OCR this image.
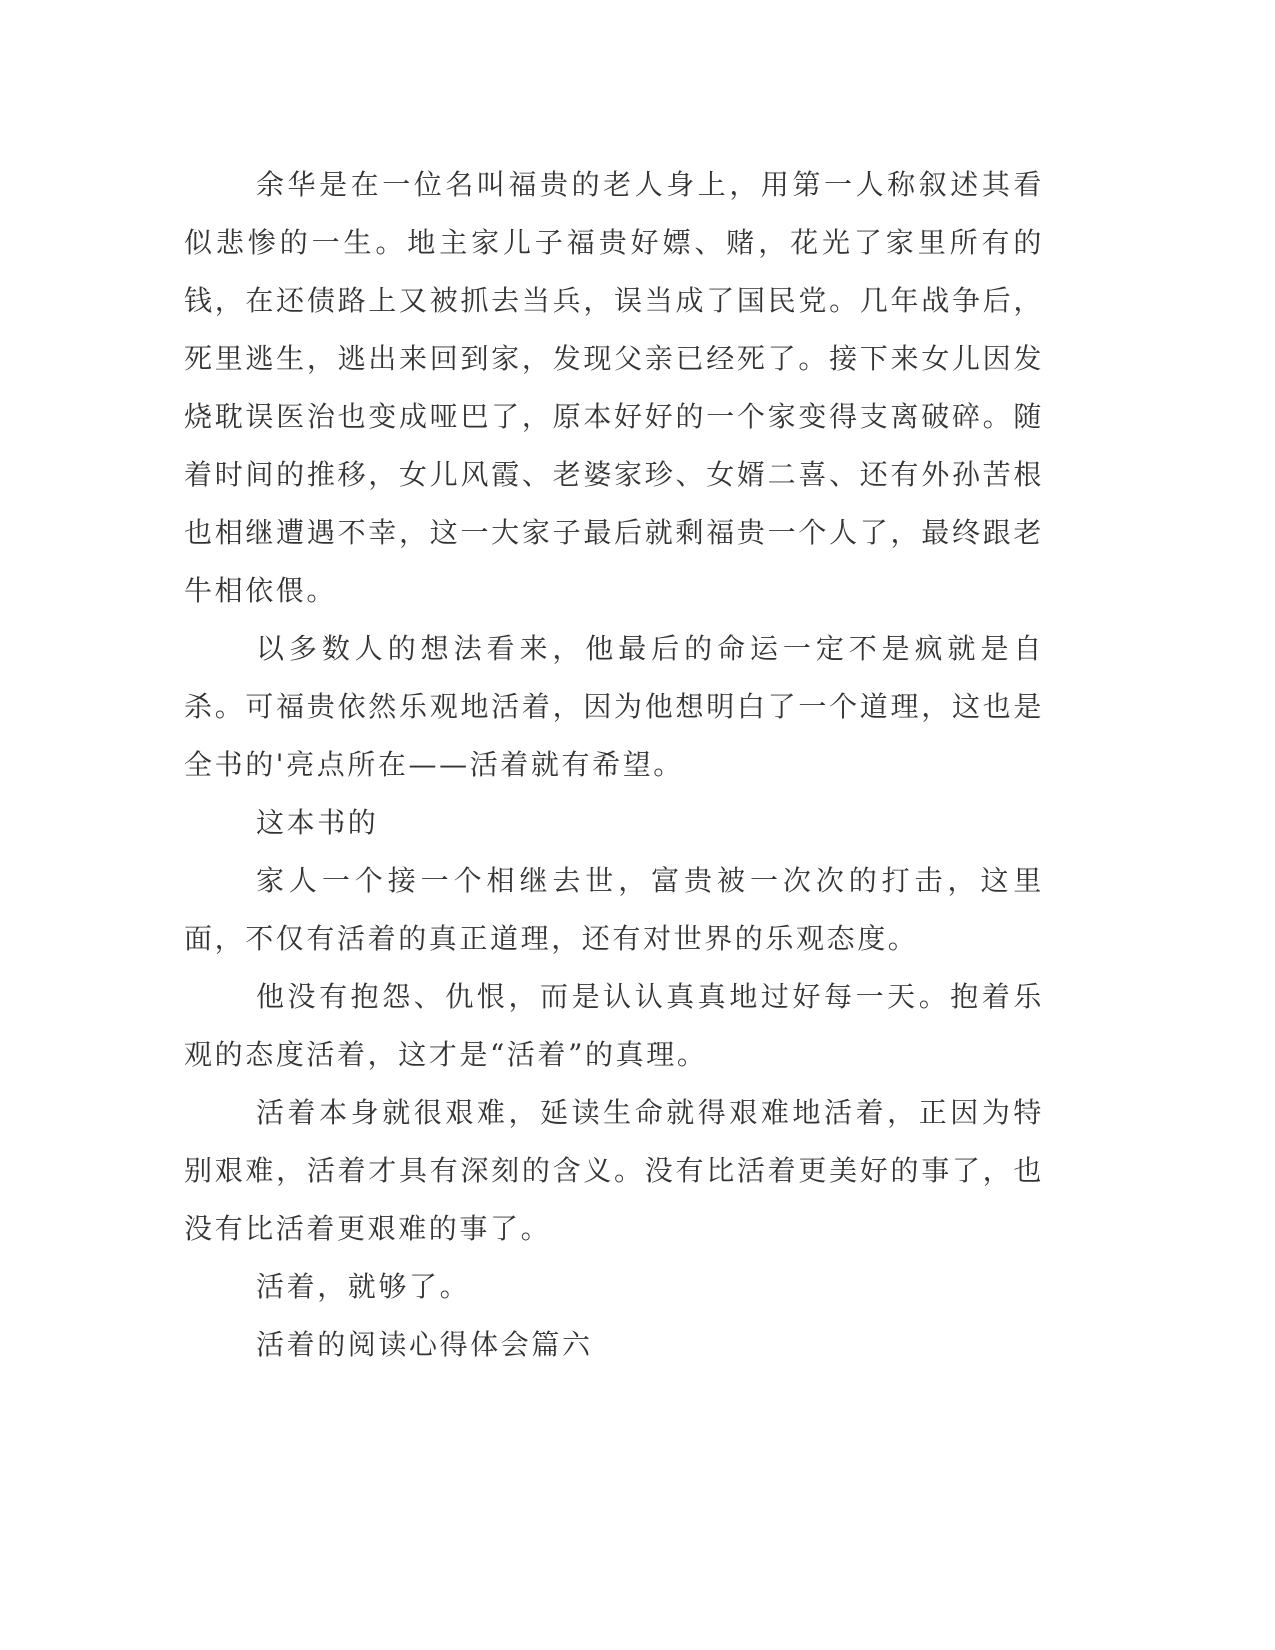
余华是在一位名叫福贵的老人身上，用第一人称叙述其看似悲惨的一生。地主家儿子福贵好嫖、赌，花光了家里所有的钱，在还债路上又被抓去当兵，误当成了国民党。几年战争后，死里逃生，逃出来回到家，发现父亲已经死了。接下来女儿因发烧耽误医治也变成哑巴了，原本好好的一个家变得支离破碎。随着时间的推移，女儿风霞、老婆家珍、女婿二喜、还有外孙苦根也相继遭遇不幸，这一大家子最后就剩福贵一个人了，最终跟老牛相依偎。

以多数人的想法看来，他最后的命运一定不是疯就是自杀。可福贵依然乐观地活着，因为他想明白了一个道理，这也是全书的'亮点所在——活着就有希望。

这本书的

家人一个接一个相继去世，富贵被一次次的打击，这里面，不仅有活着的真正道理，还有对世界的乐观态度。

他没有抱怨、仇恨，而是认认真真地过好每一天。抱着乐观的态度活着，这才是“活着”的真理。

活着本身就很艰难，延读生命就得艰难地活着，正因为特别艰难，活着才具有深刻的含义。没有比活着更美好的事了，也没有比活着更艰难的事了。

活着，就够了。

活着的阅读心得体会篇六
